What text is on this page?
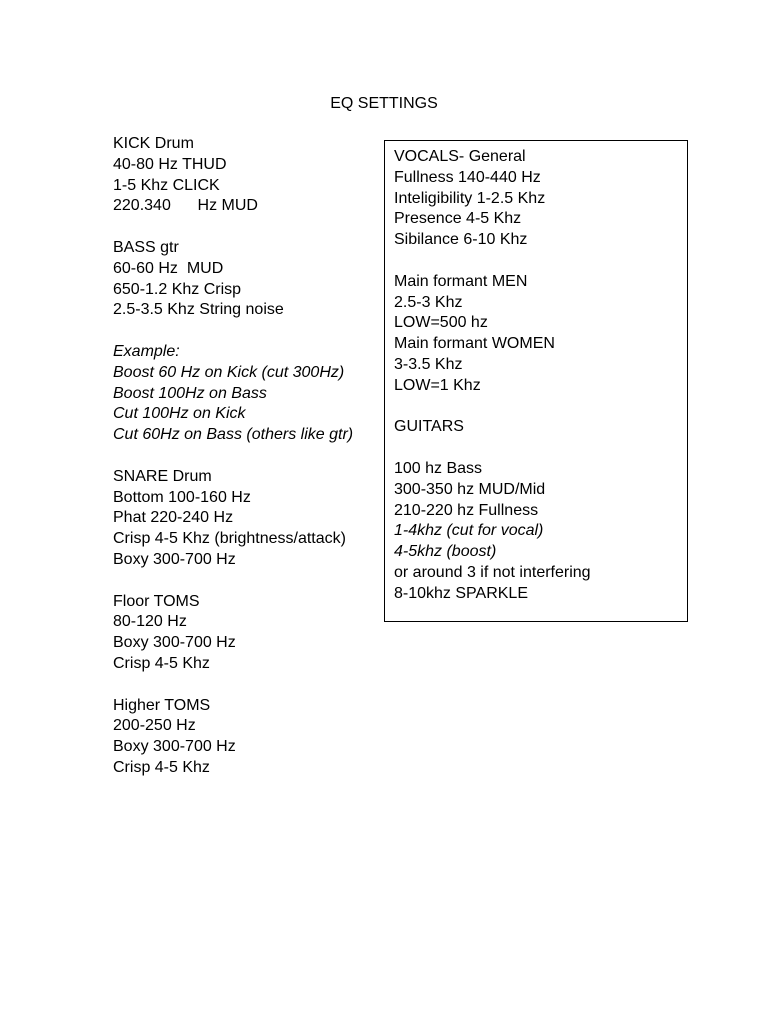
EQ SETTINGS
KICK Drum
40-80 Hz THUD
1-5 Khz CLICK
220.340      Hz MUD
BASS gtr
60-60 Hz  MUD
650-1.2 Khz Crisp
2.5-3.5 Khz String noise
Example:
Boost 60 Hz on Kick (cut 300Hz)
Boost 100Hz on Bass
Cut 100Hz on Kick
Cut 60Hz on Bass (others like gtr)
SNARE Drum
Bottom 100-160 Hz
Phat 220-240 Hz
Crisp 4-5 Khz (brightness/attack)
Boxy 300-700 Hz
Floor TOMS
80-120 Hz
Boxy 300-700 Hz
Crisp 4-5 Khz
Higher TOMS
200-250 Hz
Boxy 300-700 Hz
Crisp 4-5 Khz
VOCALS- General
Fullness 140-440 Hz
Inteligibility 1-2.5 Khz
Presence 4-5 Khz
Sibilance 6-10 Khz
Main formant MEN
2.5-3 Khz
LOW=500 hz
Main formant WOMEN
3-3.5 Khz
LOW=1 Khz
GUITARS
100 hz Bass
300-350 hz MUD/Mid
210-220 hz Fullness
1-4khz (cut for vocal)
4-5khz (boost)
or around 3 if not interfering
8-10khz SPARKLE
